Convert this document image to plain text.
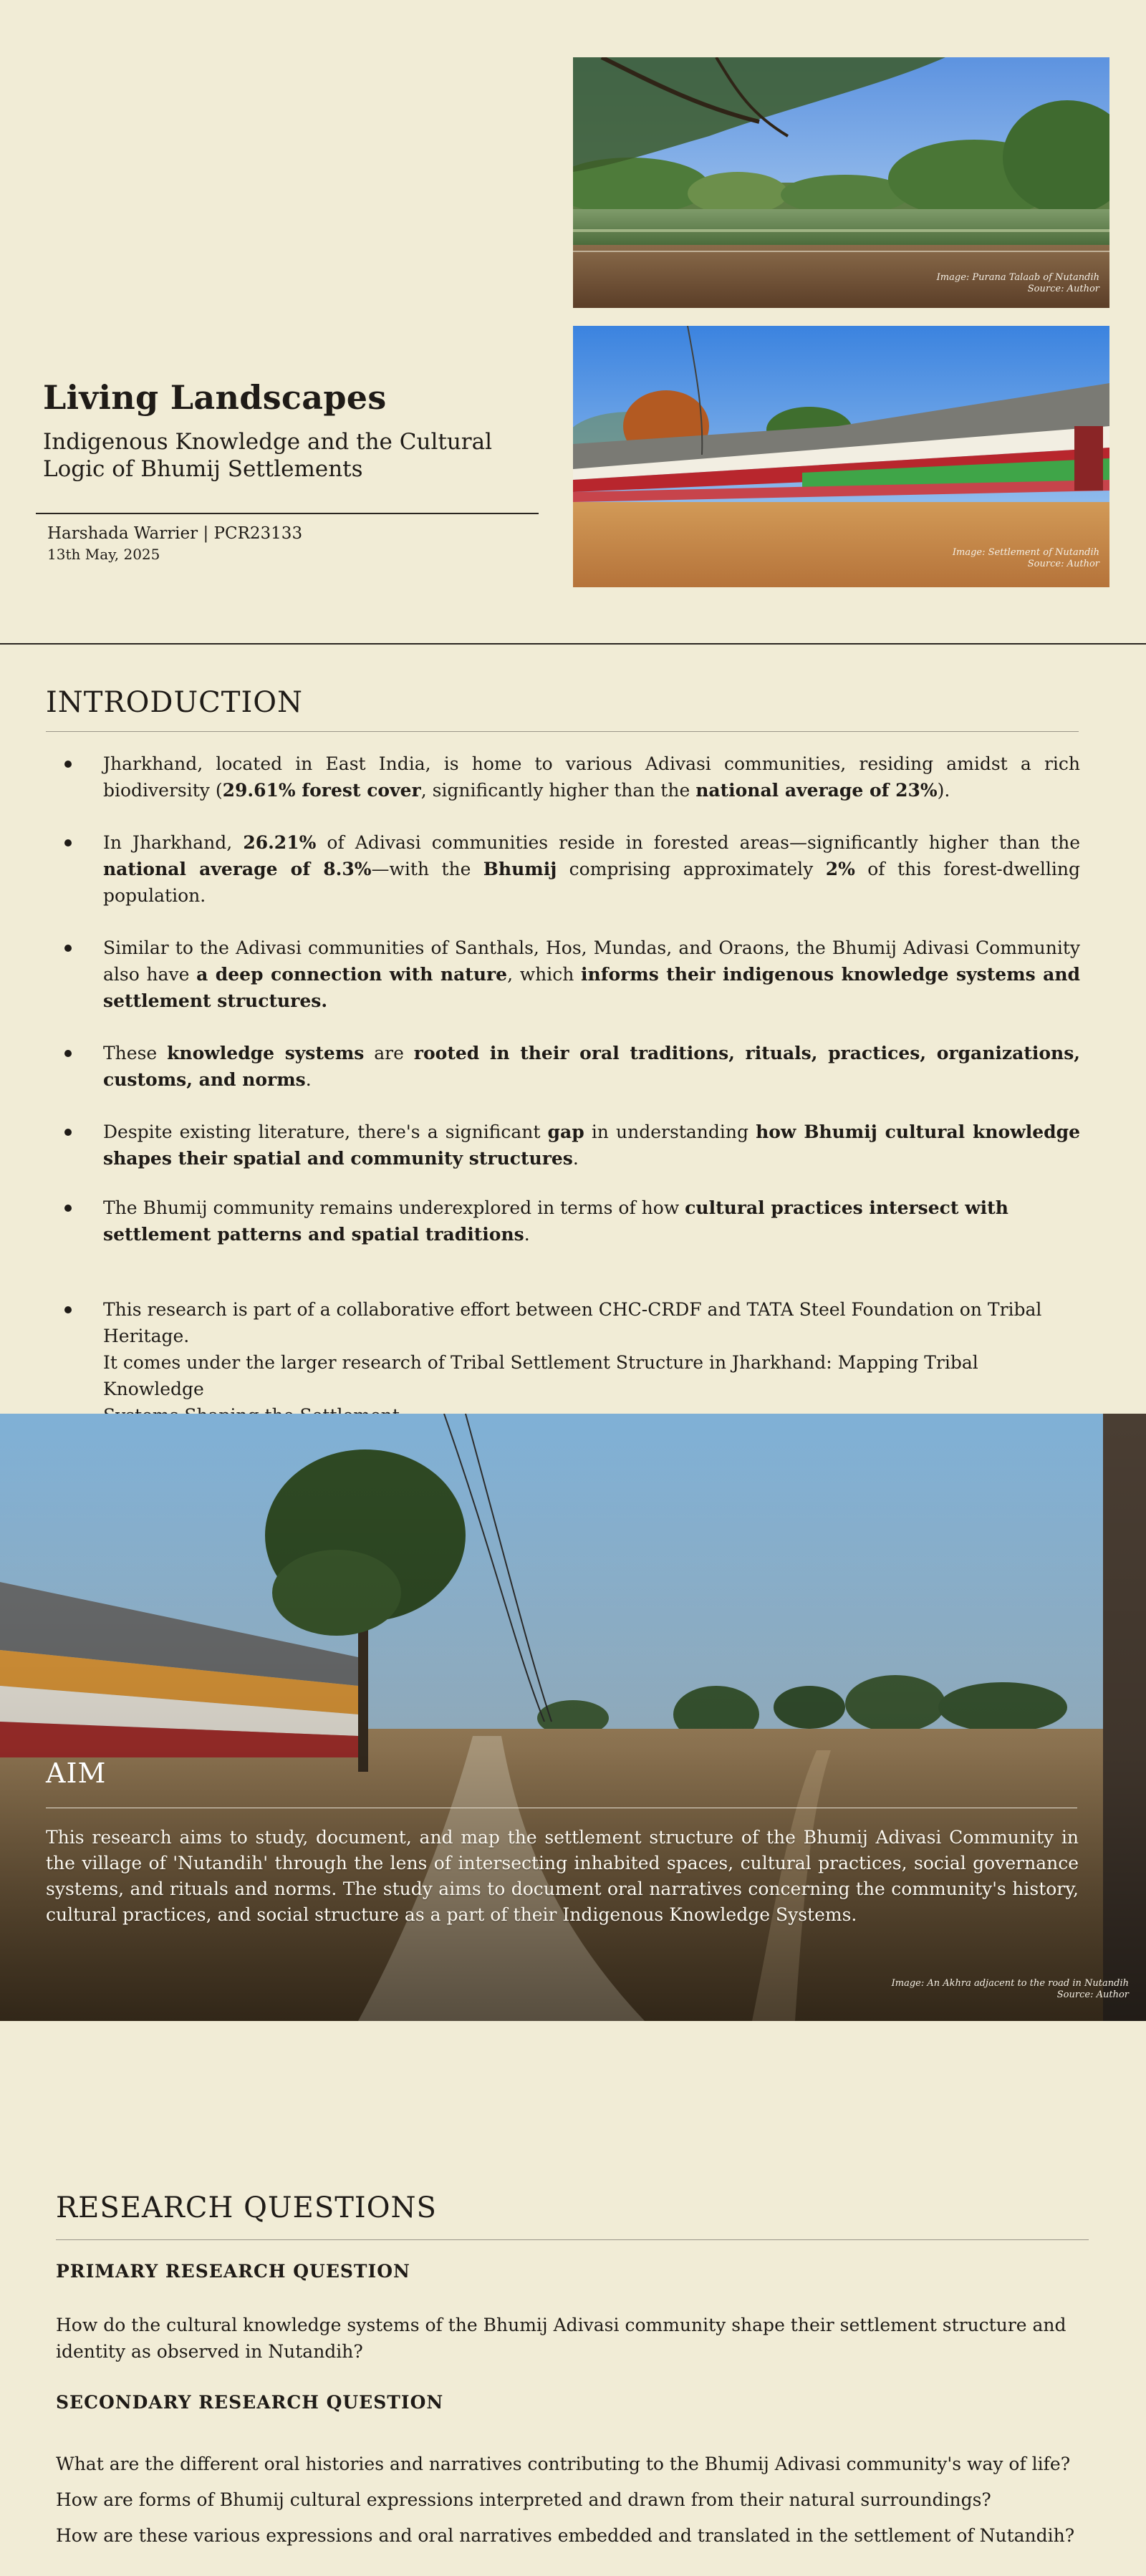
Living Landscapes
Indigenous Knowledge and the Cultural Logic of Bhumij Settlements
Harshada Warrier | PCR23133
13th May, 2025
Image: Purana Talaab of Nutandih
Source: Author
Image: Settlement of Nutandih
Source: Author
INTRODUCTION
Jharkhand, located in East India, is home to various Adivasi communities, residing amidst a rich biodiversity (29.61% forest cover, significantly higher than the national average of 23%).
In Jharkhand, 26.21% of Adivasi communities reside in forested areas—significantly higher than the national average of 8.3%—with the Bhumij comprising approximately 2% of this forest-dwelling population.
Similar to the Adivasi communities of Santhals, Hos, Mundas, and Oraons, the Bhumij Adivasi Community also have a deep connection with nature, which informs their indigenous knowledge systems and settlement structures.
These knowledge systems are rooted in their oral traditions, rituals, practices, organizations, customs, and norms.
Despite existing literature, there's a significant gap in understanding how Bhumij cultural knowledge shapes their spatial and community structures.
The Bhumij community remains underexplored in terms of how cultural practices intersect with settlement patterns and spatial traditions.
This research is part of a collaborative effort between CHC-CRDF and TATA Steel Foundation on Tribal Heritage.
It comes under the larger research of Tribal Settlement Structure in Jharkhand: Mapping Tribal Knowledge
Image: An Akhra adjacent to the road in Nutandih
Source: Author
AIM
This research aims to study, document, and map the settlement structure of the Bhumij Adivasi Community in the village of 'Nutandih' through the lens of intersecting inhabited spaces, cultural practices, social governance systems, and rituals and norms. The study aims to document oral narratives concerning the community's history, cultural practices, and social structure as a part of their Indigenous Knowledge Systems.
RESEARCH QUESTIONS
PRIMARY RESEARCH QUESTION
How do the cultural knowledge systems of the Bhumij Adivasi community shape their settlement structure and identity as observed in Nutandih?
SECONDARY RESEARCH QUESTION
What are the different oral histories and narratives contributing to the Bhumij Adivasi community's way of life?
How are forms of Bhumij cultural expressions interpreted and drawn from their natural surroundings?
How are these various expressions and oral narratives embedded and translated in the settlement of Nutandih?
